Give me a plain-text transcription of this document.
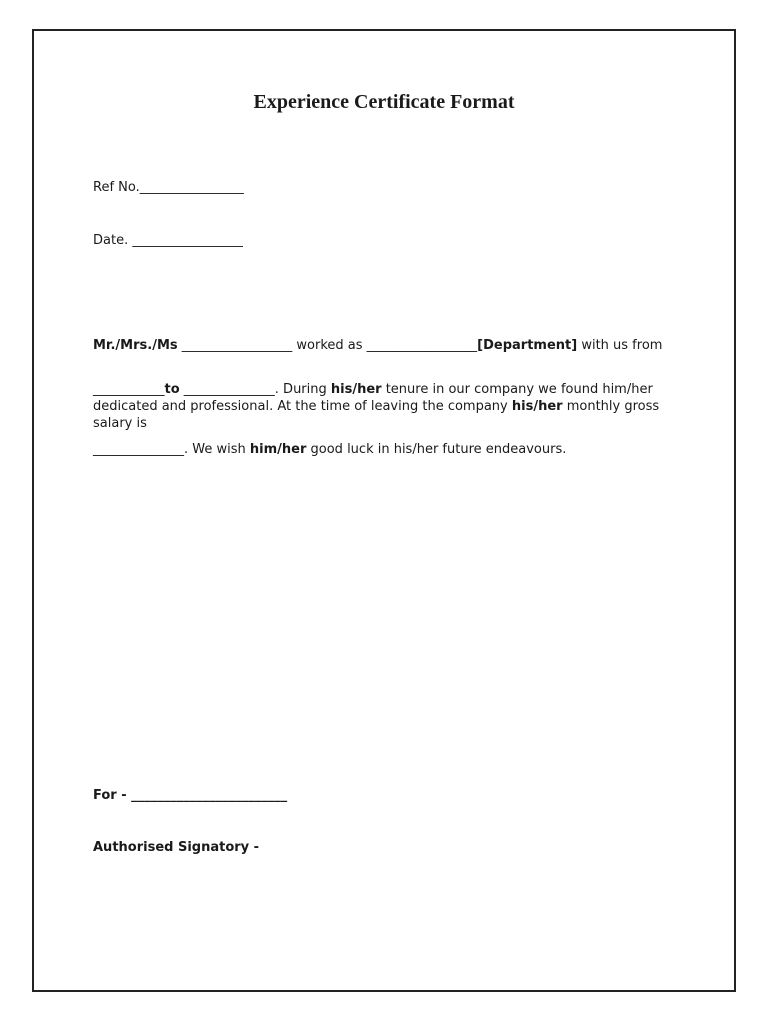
Experience Certificate Format

Ref No.________________

Date. _________________

Mr./Mrs./Ms _________________ worked as _________________[Department] with us from

___________to ______________. During his/her tenure in our company we found him/her dedicated and professional. At the time of leaving the company his/her monthly gross salary is

______________. We wish him/her good luck in his/her future endeavours.

For - ________________________

Authorised Signatory -
